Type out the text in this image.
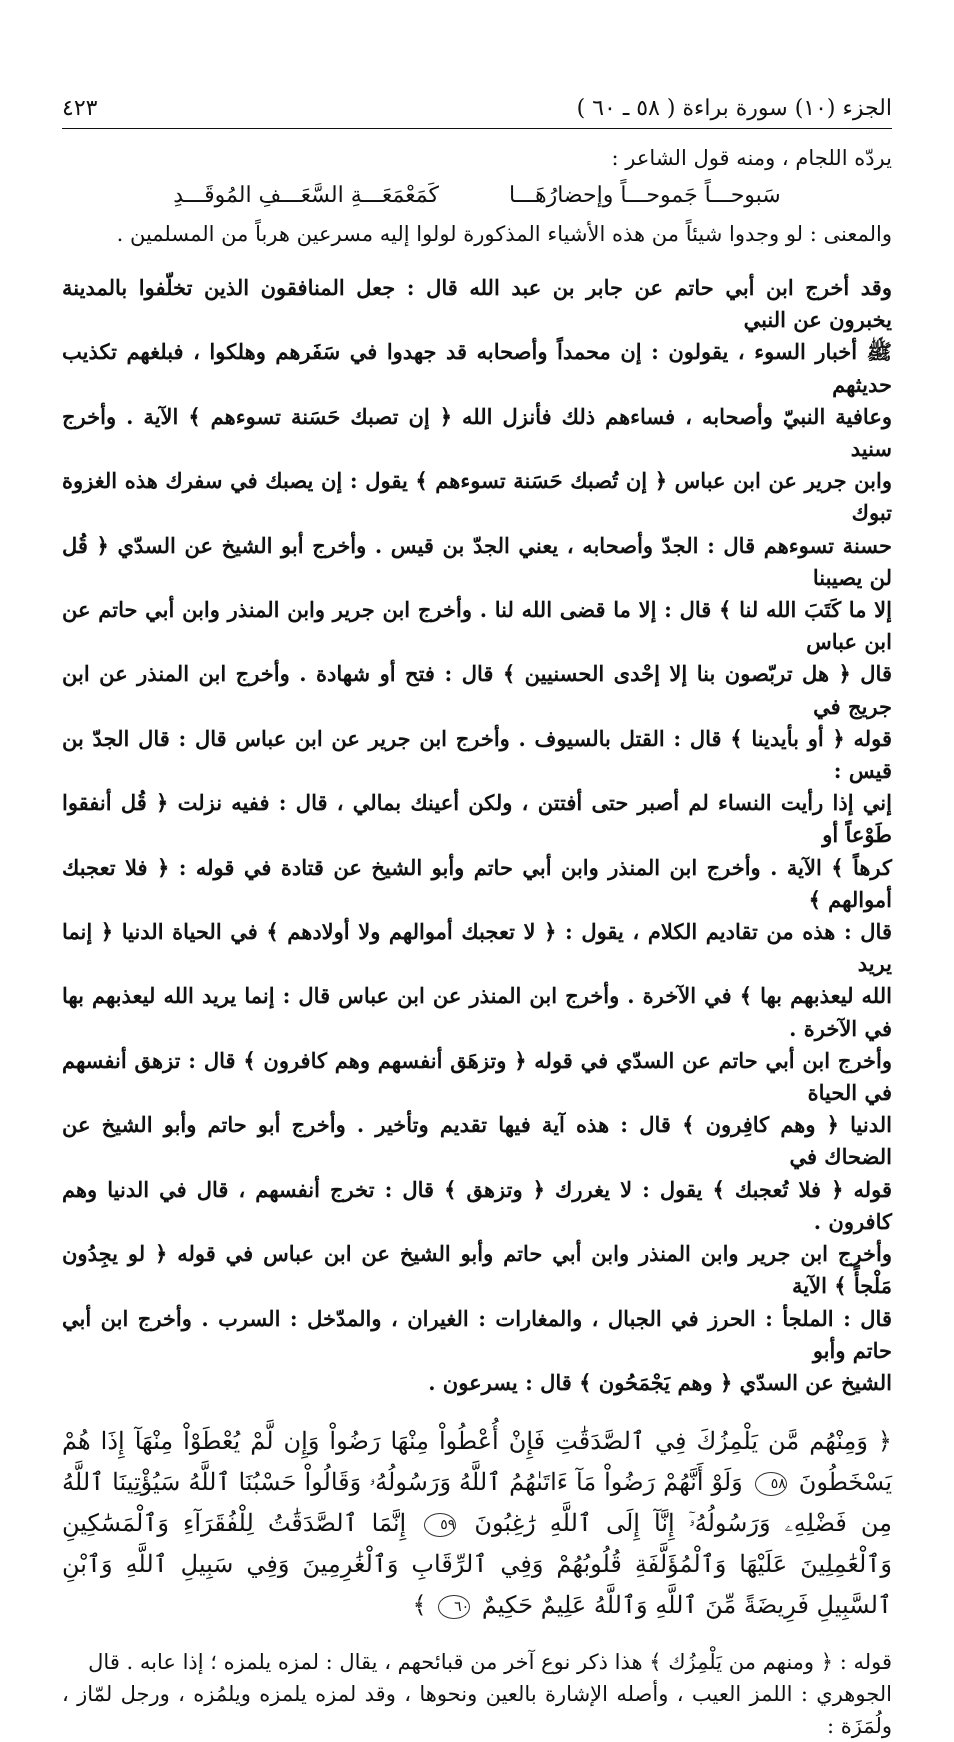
الجزء (١٠) سورة براءة ( ٥٨ ـ ٦٠ )
٤٢٣

يردّه اللجام ، ومنه قول الشاعر :

سَبوحـــاً جَموحـــاً وإحضارُهَـــا
كَمَعْمَعَـــةِ السَّعَـــفِ المُوقَـــدِ

والمعنى : لو وجدوا شيئاً من هذه الأشياء المذكورة لولوا إليه مسرعين هرباً من المسلمين .

وقد أخرج ابن أبي حاتم عن جابر بن عبد الله قال : جعل المنافقون الذين تخلّفوا بالمدينة يخبرون عن النبي

ﷺ أخبار السوء ، يقولون : إن محمداً وأصحابه قد جهدوا في سَفَرهم وهلكوا ، فبلغهم تكذيب حديثهم

وعافية النبيّ وأصحابه ، فساءهم ذلك فأنزل الله ﴿ إن تصبك حَسَنة تسوءهم ﴾ الآية . وأخرج سنيد

وابن جرير عن ابن عباس ﴿ إن تُصبك حَسَنة تسوءهم ﴾ يقول : إن يصبك في سفرك هذه الغزوة تبوك

حسنة تسوءهم قال : الجدّ وأصحابه ، يعني الجدّ بن قيس . وأخرج أبو الشيخ عن السدّي ﴿ قُل لن يصيبنا

إلا ما كَتَبَ الله لنا ﴾ قال : إلا ما قضى الله لنا . وأخرج ابن جرير وابن المنذر وابن أبي حاتم عن ابن عباس

قال ﴿ هل تربّصون بنا إلا إحْدى الحسنيين ﴾ قال : فتح أو شهادة . وأخرج ابن المنذر عن ابن جريج في

قوله ﴿ أو بأيدينا ﴾ قال : القتل بالسيوف . وأخرج ابن جرير عن ابن عباس قال : قال الجدّ بن قيس :

إني إذا رأيت النساء لم أصبر حتى أفتتن ، ولكن أعينك بمالي ، قال : ففيه نزلت ﴿ قُل أنفقوا طَوْعاً أو

كرهاً ﴾ الآية . وأخرج ابن المنذر وابن أبي حاتم وأبو الشيخ عن قتادة في قوله : ﴿ فلا تعجبك أموالهم ﴾

قال : هذه من تقاديم الكلام ، يقول : ﴿ لا تعجبك أموالهم ولا أولادهم ﴾ في الحياة الدنيا ﴿ إنما يريد

الله ليعذبهم بها ﴾ في الآخرة . وأخرج ابن المنذر عن ابن عباس قال : إنما يريد الله ليعذبهم بها في الآخرة .

وأخرج ابن أبي حاتم عن السدّي في قوله ﴿ وتزهَق أنفسهم وهم كافرون ﴾ قال : تزهق أنفسهم في الحياة

الدنيا ﴿ وهم كافِرون ﴾ قال : هذه آية فيها تقديم وتأخير . وأخرج أبو حاتم وأبو الشيخ عن الضحاك في

قوله ﴿ فلا تُعجبك ﴾ يقول : لا يغررك ﴿ وتزهق ﴾ قال : تخرج أنفسهم ، قال في الدنيا وهم كافرون .

وأخرج ابن جرير وابن المنذر وابن أبي حاتم وأبو الشيخ عن ابن عباس في قوله ﴿ لو يجِدُون مَلْجأً ﴾ الآية

قال : الملجأ : الحرز في الجبال ، والمغارات : الغيران ، والمدّخل : السرب . وأخرج ابن أبي حاتم وأبو

الشيخ عن السدّي ﴿ وهم يَجْمَحُون ﴾ قال : يسرعون .

﴿ وَمِنْهُم مَّن يَلْمِزُكَ فِي ٱلصَّدَقَٰتِ فَإِنْ أُعْطُواْ مِنْهَا رَضُواْ وَإِن لَّمْ يُعْطَوْاْ مِنْهَآ إِذَا هُمْ يَسْخَطُونَ ٥٨ وَلَوْ أَنَّهُمْ رَضُواْ مَآ ءَاتَىٰهُمُ ٱللَّهُ وَرَسُولُهُۥ وَقَالُواْ حَسْبُنَا ٱللَّهُ سَيُؤْتِينَا ٱللَّهُ مِن فَضْلِهِۦ وَرَسُولُهُۥٓ إِنَّآ إِلَى ٱللَّهِ رَٰغِبُونَ ٥٩ إِنَّمَا ٱلصَّدَقَٰتُ لِلْفُقَرَآءِ وَٱلْمَسَٰكِينِ وَٱلْعَٰمِلِينَ عَلَيْهَا وَٱلْمُؤَلَّفَةِ قُلُوبُهُمْ وَفِي ٱلرِّقَابِ وَٱلْغَٰرِمِينَ وَفِي سَبِيلِ ٱللَّهِ وَٱبْنِ ٱلسَّبِيلِ فَرِيضَةً مِّنَ ٱللَّهِ وَٱللَّهُ عَلِيمٌ حَكِيمٌ ٦٠ ﴾

قوله : ﴿ ومنهم من يَلْمِزُك ﴾ هذا ذكر نوع آخر من قبائحهم ، يقال : لمزه يلمزه ؛ إذا عابه . قال

الجوهري : اللمز العيب ، وأصله الإشارة بالعين ونحوها ، وقد لمزه يلمزه ويلمُزه ، ورجل لمّاز ، ولُمَزَة :
